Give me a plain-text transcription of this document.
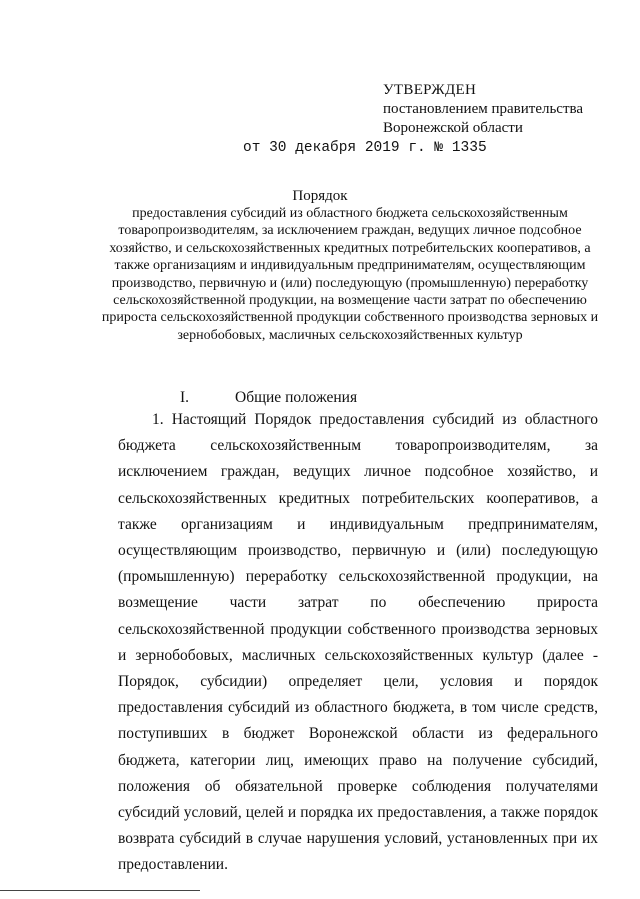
УТВЕРЖДЕН
постановлением правительства
Воронежской области
от 30 декабря 2019 г. № 1335
Порядок
предоставления субсидий из областного бюджета сельскохозяйственным товаропроизводителям, за исключением граждан, ведущих личное подсобное хозяйство, и сельскохозяйственных кредитных потребительских кооперативов, а также организациям и индивидуальным предпринимателям, осуществляющим производство, первичную и (или) последующую (промышленную) переработку сельскохозяйственной продукции, на возмещение части затрат по обеспечению прироста сельскохозяйственной продукции собственного производства зерновых и зернобобовых, масличных сельскохозяйственных культур
I.	Общие положения
1. Настоящий Порядок предоставления субсидий из областного бюджета сельскохозяйственным товаропроизводителям, за исключением граждан, ведущих личное подсобное хозяйство, и сельскохозяйственных кредитных потребительских кооперативов, а также организациям и индивидуальным предпринимателям, осуществляющим производство, первичную и (или) последующую (промышленную) переработку сельскохозяйственной продукции, на возмещение части затрат по обеспечению прироста сельскохозяйственной продукции собственного производства зерновых и зернобобовых, масличных сельскохозяйственных культур (далее - Порядок, субсидии) определяет цели, условия и порядок предоставления субсидий из областного бюджета, в том числе средств, поступивших в бюджет Воронежской области из федерального бюджета, категории лиц, имеющих право на получение субсидий, положения об обязательной проверке соблюдения получателями субсидий условий, целей и порядка их предоставления, а также порядок возврата субсидий в случае нарушения условий, установленных при их предоставлении.
